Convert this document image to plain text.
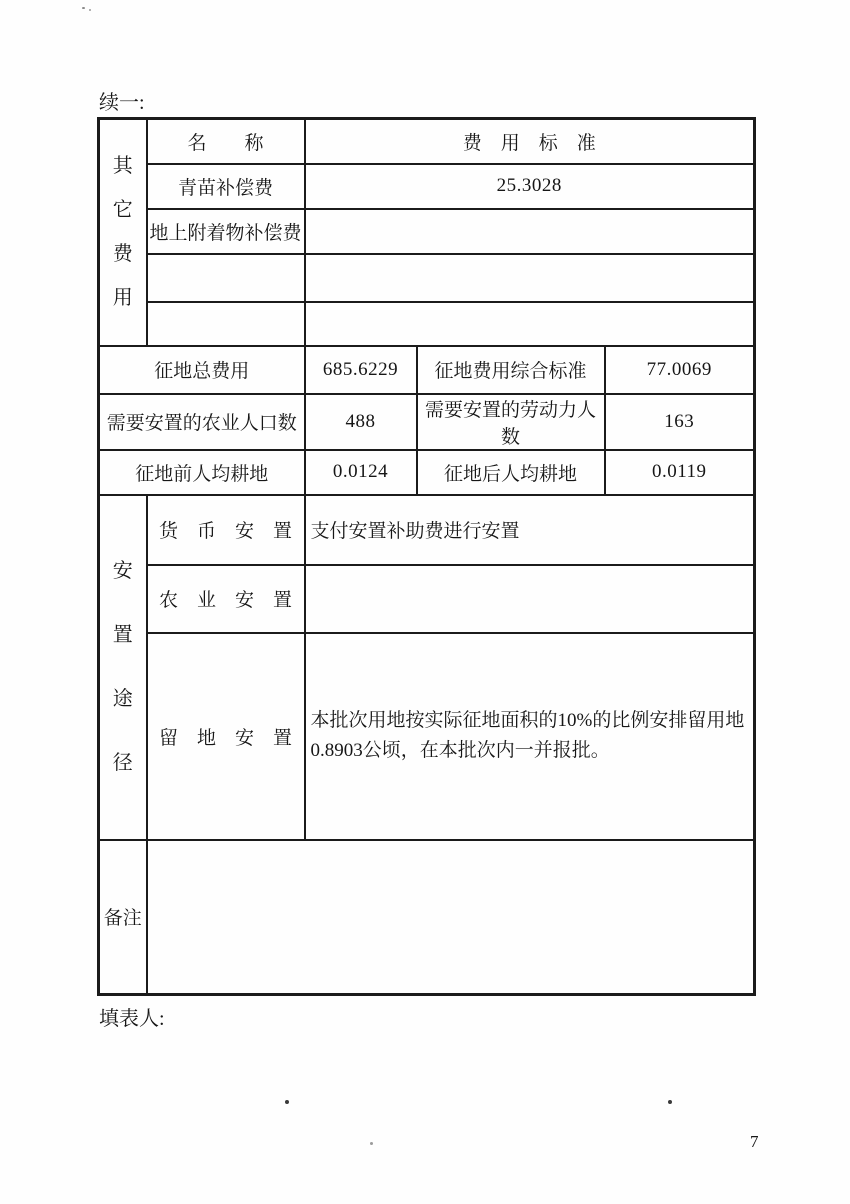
续一:
其
它
费
用	名　　称	费　用　标　准		
	青苗补偿费	25.3028		
	地上附着物补偿费			

征地总费用		685.6229	征地费用综合标准	77.0069
需要安置的农业人口数		488	需要安置的劳动力人数	163
征地前人均耕地		0.0124	征地后人均耕地	0.0119

安
置
途
径	货　币　安　置	支付安置补助费进行安置		
	农　业　安　置			
	留　地　安　置	本批次用地按实际征地面积的10%的比例安排留用地0.8903公顷，在本批次内一并报批。		
备注				
填表人:
7
